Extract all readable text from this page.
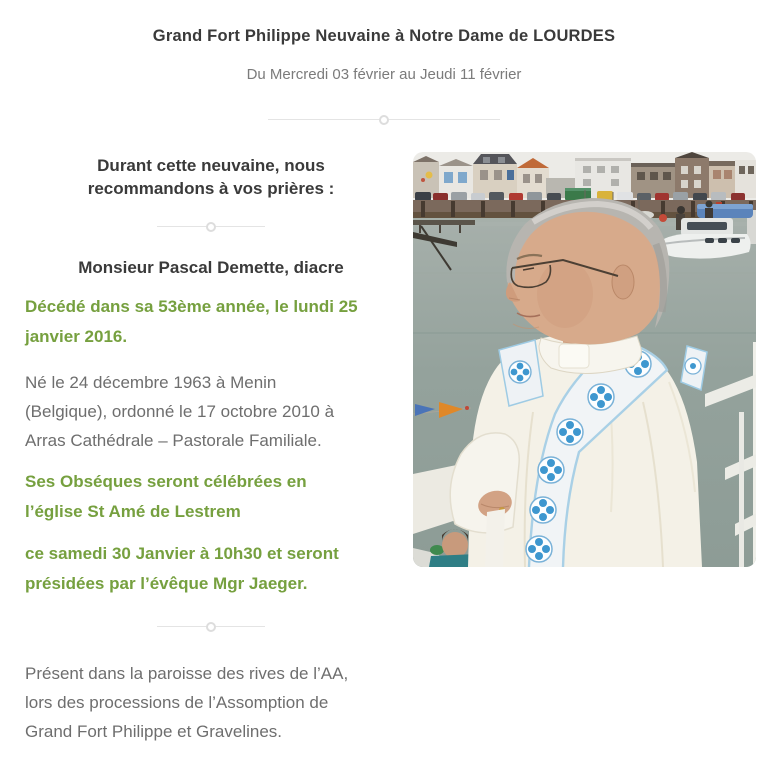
Grand Fort Philippe Neuvaine à Notre Dame de LOURDES

Du Mercredi 03 février au Jeudi 11 février

Durant cette neuvaine, nous recommandons à vos prières :
Monsieur Pascal Demette, diacre

Décédé dans sa 53ème année, le lundi 25
janvier 2016.

Né le 24 décembre 1963 à Menin
(Belgique), ordonné le 17 octobre 2010 à
Arras Cathédrale – Pastorale Familiale.

Ses Obséques seront célébrées en
l’église St Amé de Lestrem

ce samedi 30 Janvier à 10h30 et seront
présidées par l’évêque Mgr Jaeger.

Présent dans la paroisse des rives de l’AA,
lors des processions de l’Assomption de
Grand Fort Philippe et Gravelines.
